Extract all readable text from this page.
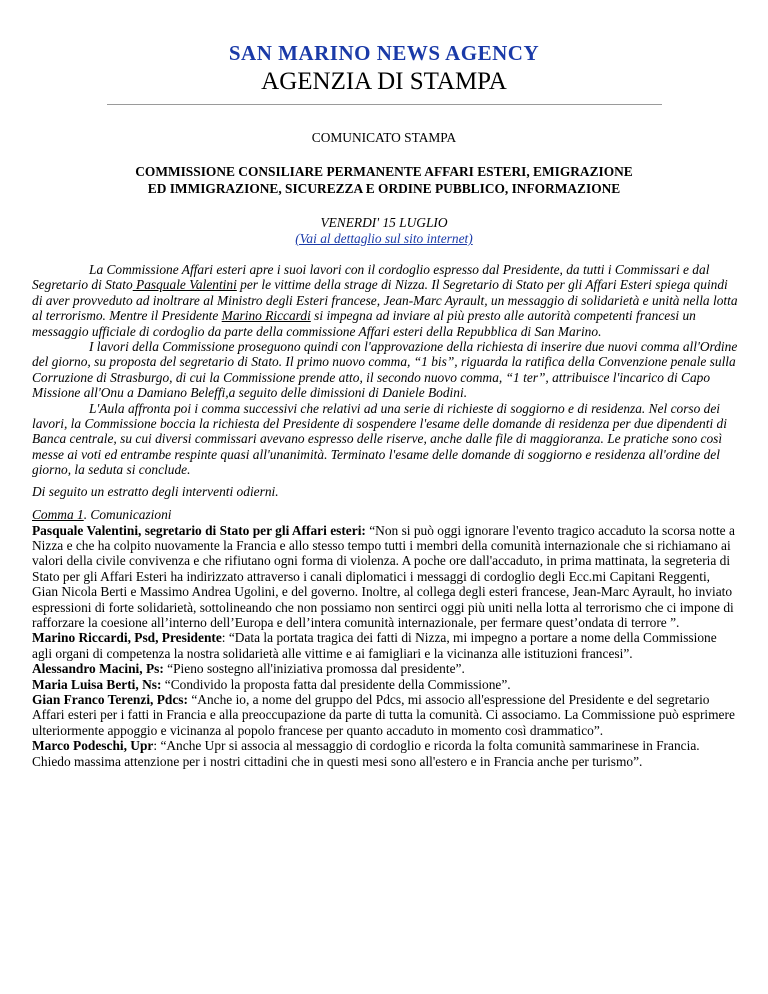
SAN MARINO NEWS AGENCY
AGENZIA DI STAMPA
COMUNICATO STAMPA
COMMISSIONE CONSILIARE PERMANENTE AFFARI ESTERI, EMIGRAZIONE
ED IMMIGRAZIONE, SICUREZZA E ORDINE PUBBLICO, INFORMAZIONE
VENERDI' 15 LUGLIO
(Vai al dettaglio sul sito internet)

La Commissione Affari esteri apre i suoi lavori con il cordoglio espresso dal Presidente, da tutti i Commissari e dal Segretario di Stato Pasquale Valentini per le vittime della strage di Nizza. Il Segretario di Stato per gli Affari Esteri spiega quindi di aver provveduto ad inoltrare al Ministro degli Esteri francese, Jean-Marc Ayrault, un messaggio di solidarietà e unità nella lotta al terrorismo. Mentre il Presidente Marino Riccardi si impegna ad inviare al più presto alle autorità competenti francesi un messaggio ufficiale di cordoglio da parte della commissione Affari esteri della Repubblica di San Marino.

I lavori della Commissione proseguono quindi con l'approvazione della richiesta di inserire due nuovi comma all'Ordine del giorno, su proposta del segretario di Stato. Il primo nuovo comma, “1 bis”, riguarda la ratifica della Convenzione penale sulla Corruzione di Strasburgo, di cui la Commissione prende atto, il secondo nuovo comma, “1 ter”, attribuisce l'incarico di Capo Missione all'Onu a Damiano Beleffi,a seguito delle dimissioni di Daniele Bodini.

L'Aula affronta poi i comma successivi che relativi ad una serie di richieste di soggiorno e di residenza. Nel corso dei lavori, la Commissione boccia la richiesta del Presidente di sospendere l'esame delle domande di residenza per due dipendenti di Banca centrale, su cui diversi commissari avevano espresso delle riserve, anche dalle file di maggioranza. Le pratiche sono così messe ai voti ed entrambe respinte quasi all'unanimità. Terminato l'esame delle domande di soggiorno e residenza all'ordine del giorno, la seduta si conclude.

Di seguito un estratto degli interventi odierni.
Comma 1. Comunicazioni

Pasquale Valentini, segretario di Stato per gli Affari esteri: “Non si può oggi ignorare l'evento tragico accaduto la scorsa notte a Nizza e che ha colpito nuovamente la Francia e allo stesso tempo tutti i membri della comunità internazionale che si richiamano ai valori della civile convivenza e che rifiutano ogni forma di violenza. A poche ore dall'accaduto, in prima mattinata, la segreteria di Stato per gli Affari Esteri ha indirizzato attraverso i canali diplomatici i messaggi di cordoglio degli Ecc.mi Capitani Reggenti, Gian Nicola Berti e Massimo Andrea Ugolini, e del governo. Inoltre, al collega degli esteri francese, Jean-Marc Ayrault, ho inviato espressioni di forte solidarietà, sottolineando che non possiamo non sentirci oggi più uniti nella lotta al terrorismo che ci impone di rafforzare la coesione all’interno dell’Europa e dell’intera comunità internazionale, per fermare quest’ondata di terrore ”.

Marino Riccardi, Psd, Presidente: “Data la portata tragica dei fatti di Nizza, mi impegno a portare a nome della Commissione agli organi di competenza la nostra solidarietà alle vittime e ai famigliari e la vicinanza alle istituzioni francesi”.

Alessandro Macini, Ps: “Pieno sostegno all'iniziativa promossa dal presidente”.

Maria Luisa Berti, Ns: “Condivido la proposta fatta dal presidente della Commissione”.

Gian Franco Terenzi, Pdcs: “Anche io, a nome del gruppo del Pdcs, mi associo all'espressione del Presidente e del segretario Affari esteri per i fatti in Francia e alla preoccupazione da parte di tutta la comunità. Ci associamo. La Commissione può esprimere ulteriormente appoggio e vicinanza al popolo francese per quanto accaduto in momento così drammatico”.

Marco Podeschi, Upr: “Anche Upr si associa al messaggio di cordoglio e ricorda la folta comunità sammarinese in Francia. Chiedo massima attenzione per i nostri cittadini che in questi mesi sono all'estero e in Francia anche per turismo”.
